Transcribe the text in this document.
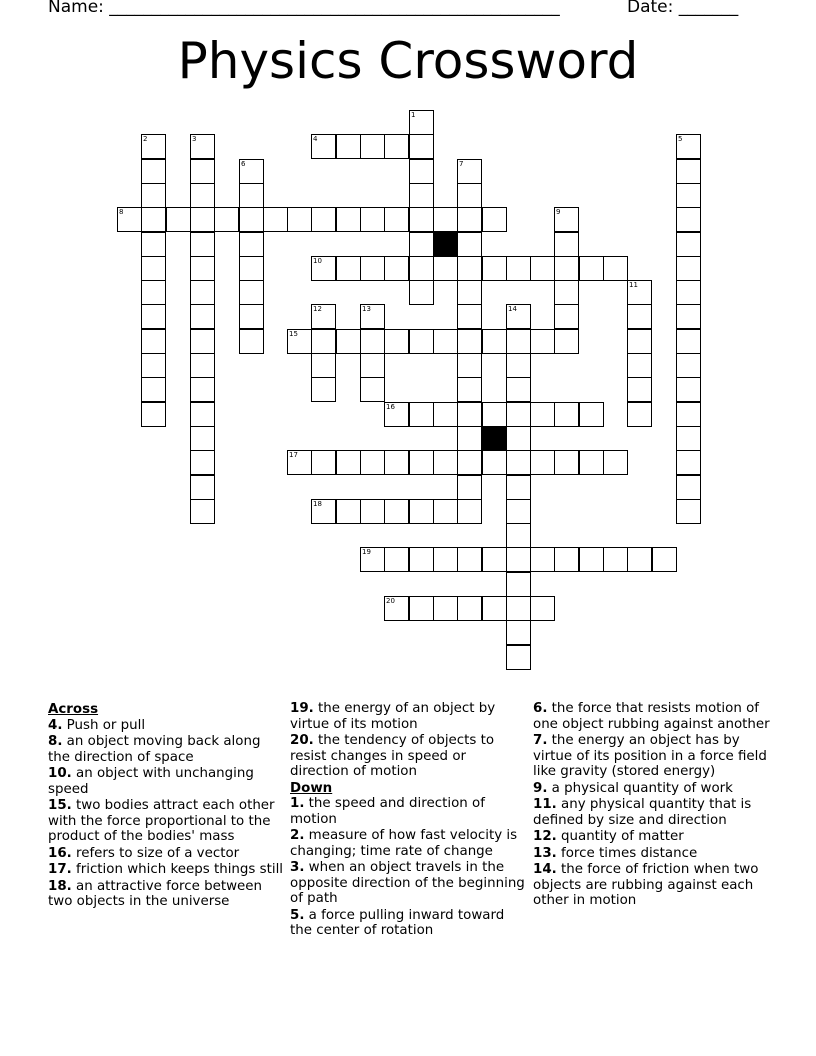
Name: _____________________________________________________	Date: _______
Physics Crossword
4
8
10
15
16
17
18
19
20
1
2	3	5
6	7
9
11
12	13	14
Across
4. Push or pull
8. an object moving back along the direction of space
10. an object with unchanging speed
15. two bodies attract each other with the force proportional to the product of the bodies' mass
16. refers to size of a vector
17. friction which keeps things still
18. an attractive force between two objects in the universe
19. the energy of an object by virtue of its motion
20. the tendency of objects to resist changes in speed or direction of motion
Down
1. the speed and direction of motion
2. measure of how fast velocity is changing; time rate of change
3. when an object travels in the opposite direction of the beginning of path
5. a force pulling inward toward the center of rotation
6. the force that resists motion of one object rubbing against another
7. the energy an object has by virtue of its position in a force field like gravity (stored energy)
9. a physical quantity of work
11. any physical quantity that is defined by size and direction
12. quantity of matter
13. force times distance
14. the force of friction when two objects are rubbing against each other in motion
